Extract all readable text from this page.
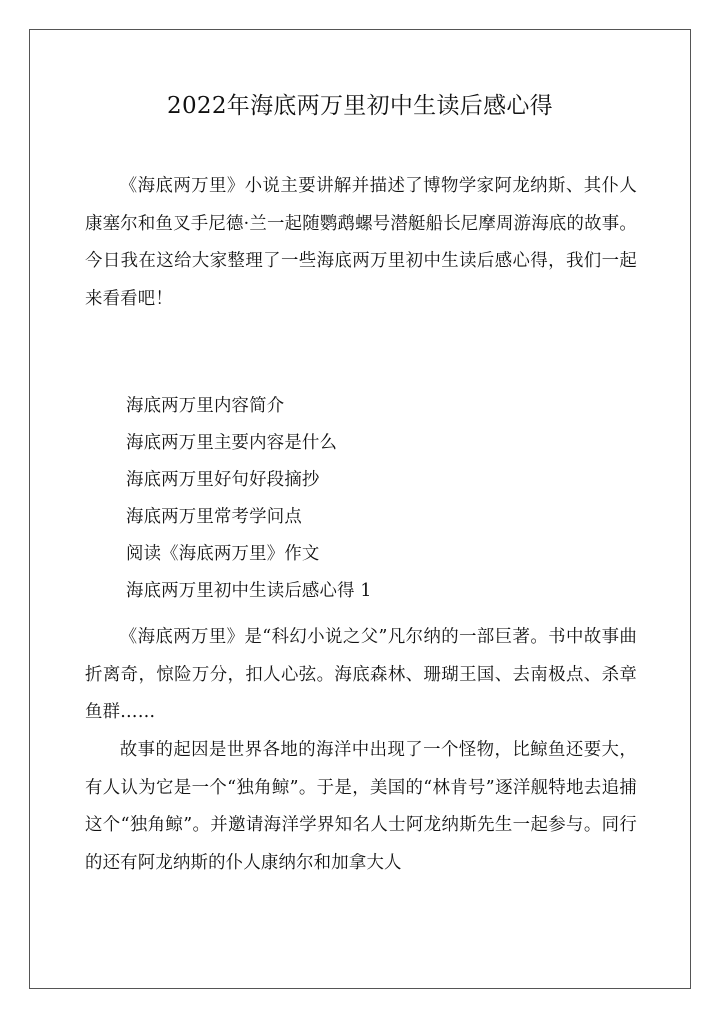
2022年海底两万里初中生读后感心得

《海底两万里》小说主要讲解并描述了博物学家阿龙纳斯、其仆人康塞尔和鱼叉手尼德·兰一起随鹦鹉螺号潜艇船长尼摩周游海底的故事。今日我在这给大家整理了一些海底两万里初中生读后感心得，我们一起来看看吧！

海底两万里内容简介
海底两万里主要内容是什么
海底两万里好句好段摘抄
海底两万里常考学问点
阅读《海底两万里》作文
海底两万里初中生读后感心得 1

《海底两万里》是“科幻小说之父”凡尔纳的一部巨著。书中故事曲折离奇，惊险万分，扣人心弦。海底森林、珊瑚王国、去南极点、杀章鱼群……

故事的起因是世界各地的海洋中出现了一个怪物，比鲸鱼还要大，有人认为它是一个“独角鲸”。于是，美国的“林肯号”逐洋舰特地去追捕这个“独角鲸”。并邀请海洋学界知名人士阿龙纳斯先生一起参与。同行的还有阿龙纳斯的仆人康纳尔和加拿大人
